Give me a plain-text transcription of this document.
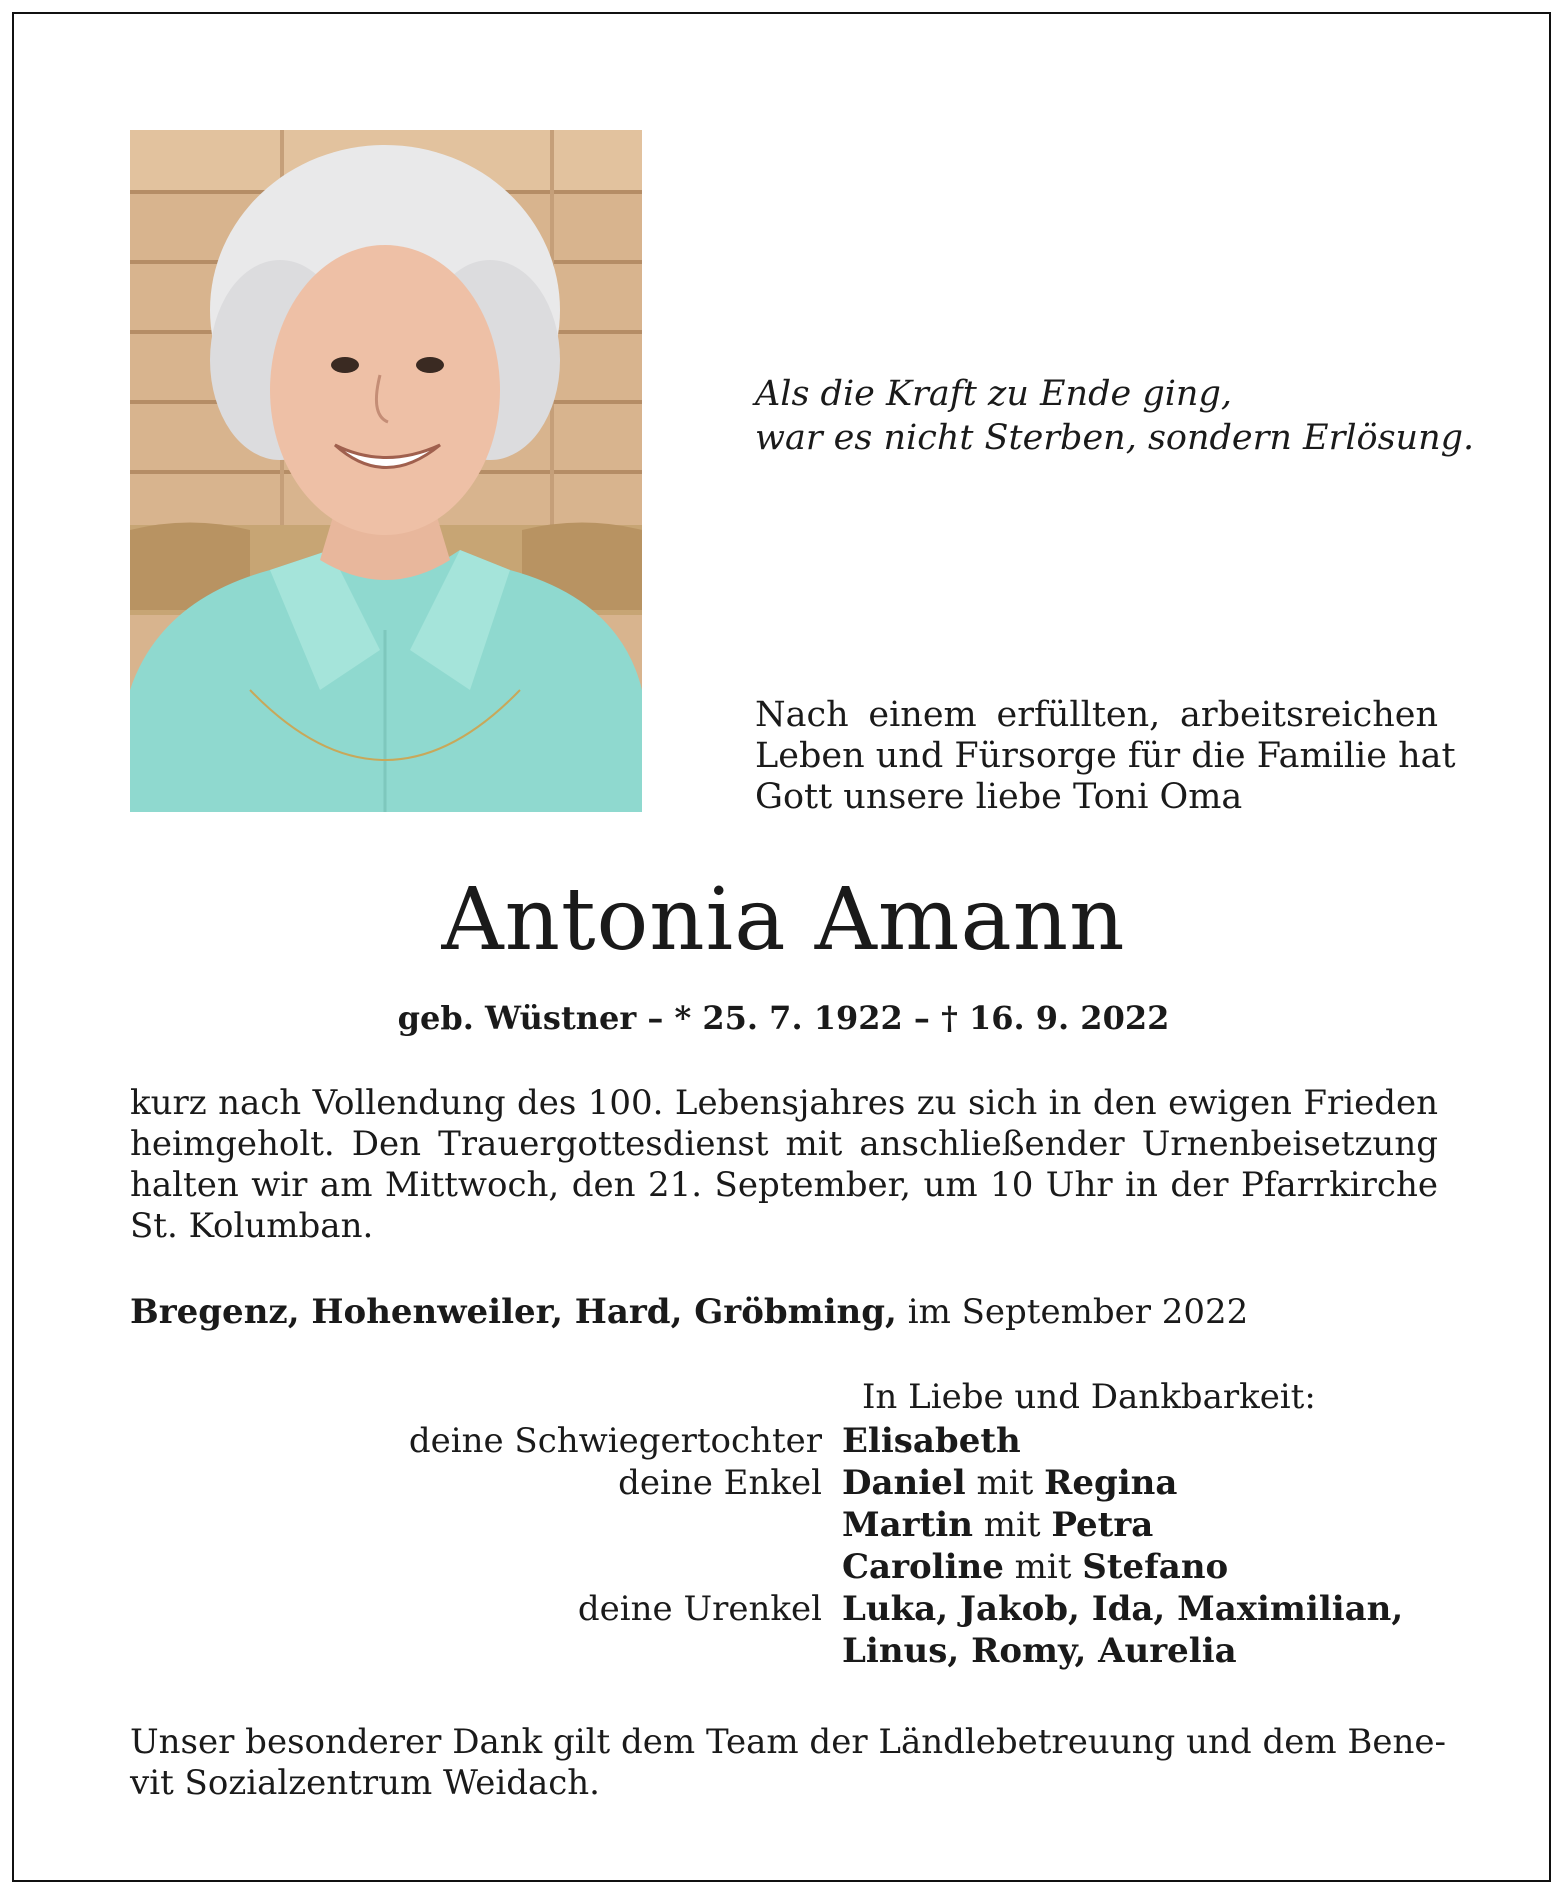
Als die Kraft zu Ende ging,
war es nicht Sterben, sondern Erlösung.
Nach einem erfüllten, arbeitsreichen
Leben und Fürsorge für die Familie hat
Gott unsere liebe Toni Oma
Antonia Amann
geb. Wüstner – * 25. 7. 1922 – † 16. 9. 2022
kurz nach Vollendung des 100. Lebensjahres zu sich in den ewigen Frieden
heimgeholt. Den Trauergottesdienst mit anschließender Urnenbeisetzung
halten wir am Mittwoch, den 21. September, um 10 Uhr in der Pfarrkirche
St. Kolumban.
Bregenz, Hohenweiler, Hard, Gröbming, im September 2022
In Liebe und Dankbarkeit:
deine Schwiegertochter Elisabeth
deine Enkel Daniel mit Regina
Martin mit Petra
Caroline mit Stefano
deine Urenkel Luka, Jakob, Ida, Maximilian,
Linus, Romy, Aurelia
Unser besonderer Dank gilt dem Team der Ländlebetreuung und dem Bene-
vit Sozialzentrum Weidach.
